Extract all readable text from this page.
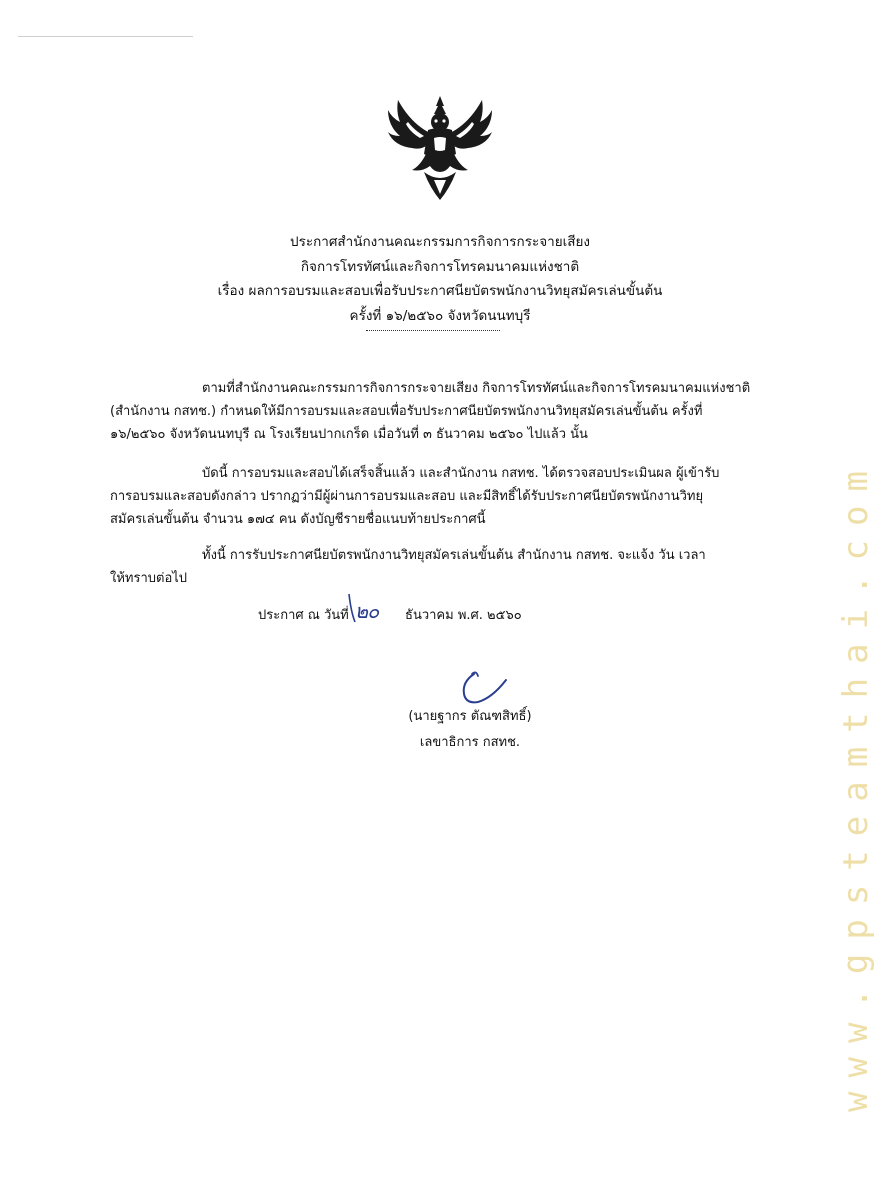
ประกาศสำนักงานคณะกรรมการกิจการกระจายเสียง
กิจการโทรทัศน์และกิจการโทรคมนาคมแห่งชาติ
เรื่อง ผลการอบรมและสอบเพื่อรับประกาศนียบัตรพนักงานวิทยุสมัครเล่นขั้นต้น
ครั้งที่ ๑๖/๒๕๖๐ จังหวัดนนทบุรี
ตามที่สำนักงานคณะกรรมการกิจการกระจายเสียง กิจการโทรทัศน์และกิจการโทรคมนาคมแห่งชาติ
(สำนักงาน กสทช.) กำหนดให้มีการอบรมและสอบเพื่อรับประกาศนียบัตรพนักงานวิทยุสมัครเล่นขั้นต้น ครั้งที่
๑๖/๒๕๖๐ จังหวัดนนทบุรี ณ โรงเรียนปากเกร็ด เมื่อวันที่ ๓ ธันวาคม ๒๕๖๐ ไปแล้ว นั้น
บัดนี้ การอบรมและสอบได้เสร็จสิ้นแล้ว และสำนักงาน กสทช. ได้ตรวจสอบประเมินผล ผู้เข้ารับ
การอบรมและสอบดังกล่าว ปรากฏว่ามีผู้ผ่านการอบรมและสอบ และมีสิทธิ์ได้รับประกาศนียบัตรพนักงานวิทยุ
สมัครเล่นขั้นต้น จำนวน ๑๗๔ คน ดังบัญชีรายชื่อแนบท้ายประกาศนี้
ทั้งนี้ การรับประกาศนียบัตรพนักงานวิทยุสมัครเล่นขั้นต้น สำนักงาน กสทช. จะแจ้ง วัน เวลา
ให้ทราบต่อไป
ประกาศ ณ วันที่ ๒๐ ธันวาคม พ.ศ. ๒๕๖๐
(นายฐากร ตัณฑสิทธิ์)
เลขาธิการ กสทช.	www.gpsteamthai.com
